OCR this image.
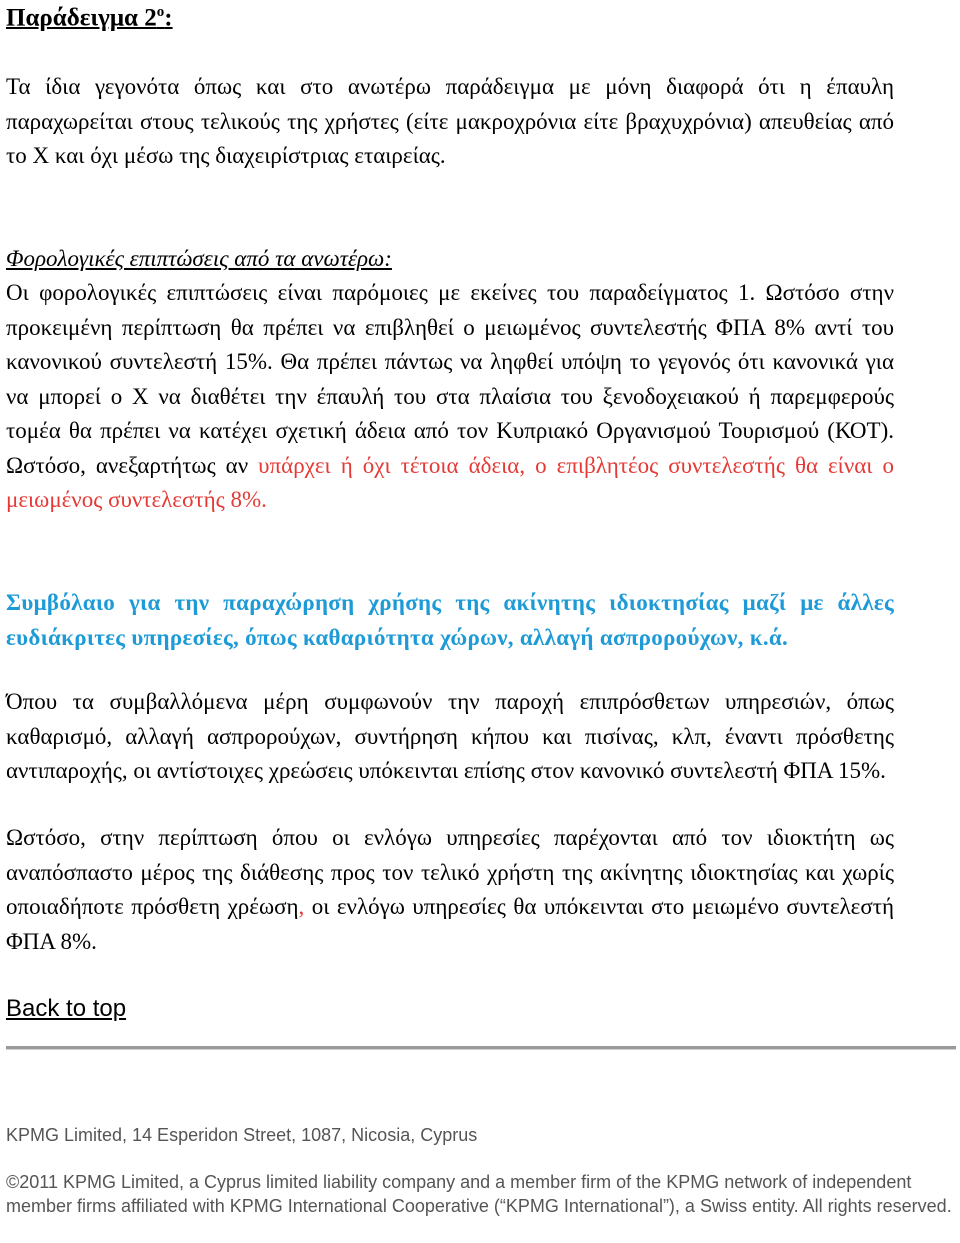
Παράδειγμα $2^o$:

Τα ίδια γεγονότα όπως και στο ανωτέρω παράδειγμα με μόνη διαφορά ότι η έπαυλη παραχωρείται στους τελικούς της χρήστες (είτε μακροχρόνια είτε βραχυχρόνια) απευθείας από το Χ και όχι μέσω της διαχειρίστριας εταιρείας.

Φορολογικές επιπτώσεις από τα ανωτέρω:

Οι φορολογικές επιπτώσεις είναι παρόμοιες με εκείνες του παραδείγματος 1. Ωστόσο στην προκειμένη περίπτωση θα πρέπει να επιβληθεί ο μειωμένος συντελεστής ΦΠΑ 8% αντί του κανονικού συντελεστή 15%. Θα πρέπει πάντως να ληφθεί υπόψη το γεγονός ότι κανονικά για να μπορεί ο Χ να διαθέτει την έπαυλή του στα πλαίσια του ξενοδοχειακού ή παρεμφερούς τομέα θα πρέπει να κατέχει σχετική άδεια από τον Κυπριακό Οργανισμού Τουρισμού (ΚΟΤ). Ωστόσο, ανεξαρτήτως αν υπάρχει ή όχι τέτοια άδεια, ο επιβλητέος συντελεστής θα είναι ο μειωμένος συντελεστής 8%.

Συμβόλαιο για την παραχώρηση χρήσης της ακίνητης ιδιοκτησίας μαζί με άλλες ευδιάκριτες υπηρεσίες, όπως καθαριότητα χώρων, αλλαγή ασπρορούχων, κ.ά.

Όπου τα συμβαλλόμενα μέρη συμφωνούν την παροχή επιπρόσθετων υπηρεσιών, όπως καθαρισμό, αλλαγή ασπρορούχων, συντήρηση κήπου και πισίνας, κλπ, έναντι πρόσθετης αντιπαροχής, οι αντίστοιχες χρεώσεις υπόκεινται επίσης στον κανονικό συντελεστή ΦΠΑ 15%.

Ωστόσο, στην περίπτωση όπου οι ενλόγω υπηρεσίες παρέχονται από τον ιδιοκτήτη ως αναπόσπαστο μέρος της διάθεσης προς τον τελικό χρήστη της ακίνητης ιδιοκτησίας και χωρίς οποιαδήποτε πρόσθετη χρέωση, οι ενλόγω υπηρεσίες θα υπόκεινται στο μειωμένο συντελεστή ΦΠΑ 8%.

Back to top
KPMG Limited, 14 Esperidon Street, 1087, Nicosia, Cyprus
©2011 KPMG Limited, a Cyprus limited liability company and a member firm of the KPMG network of independent member firms affiliated with KPMG International Cooperative (“KPMG International”), a Swiss entity. All rights reserved.
